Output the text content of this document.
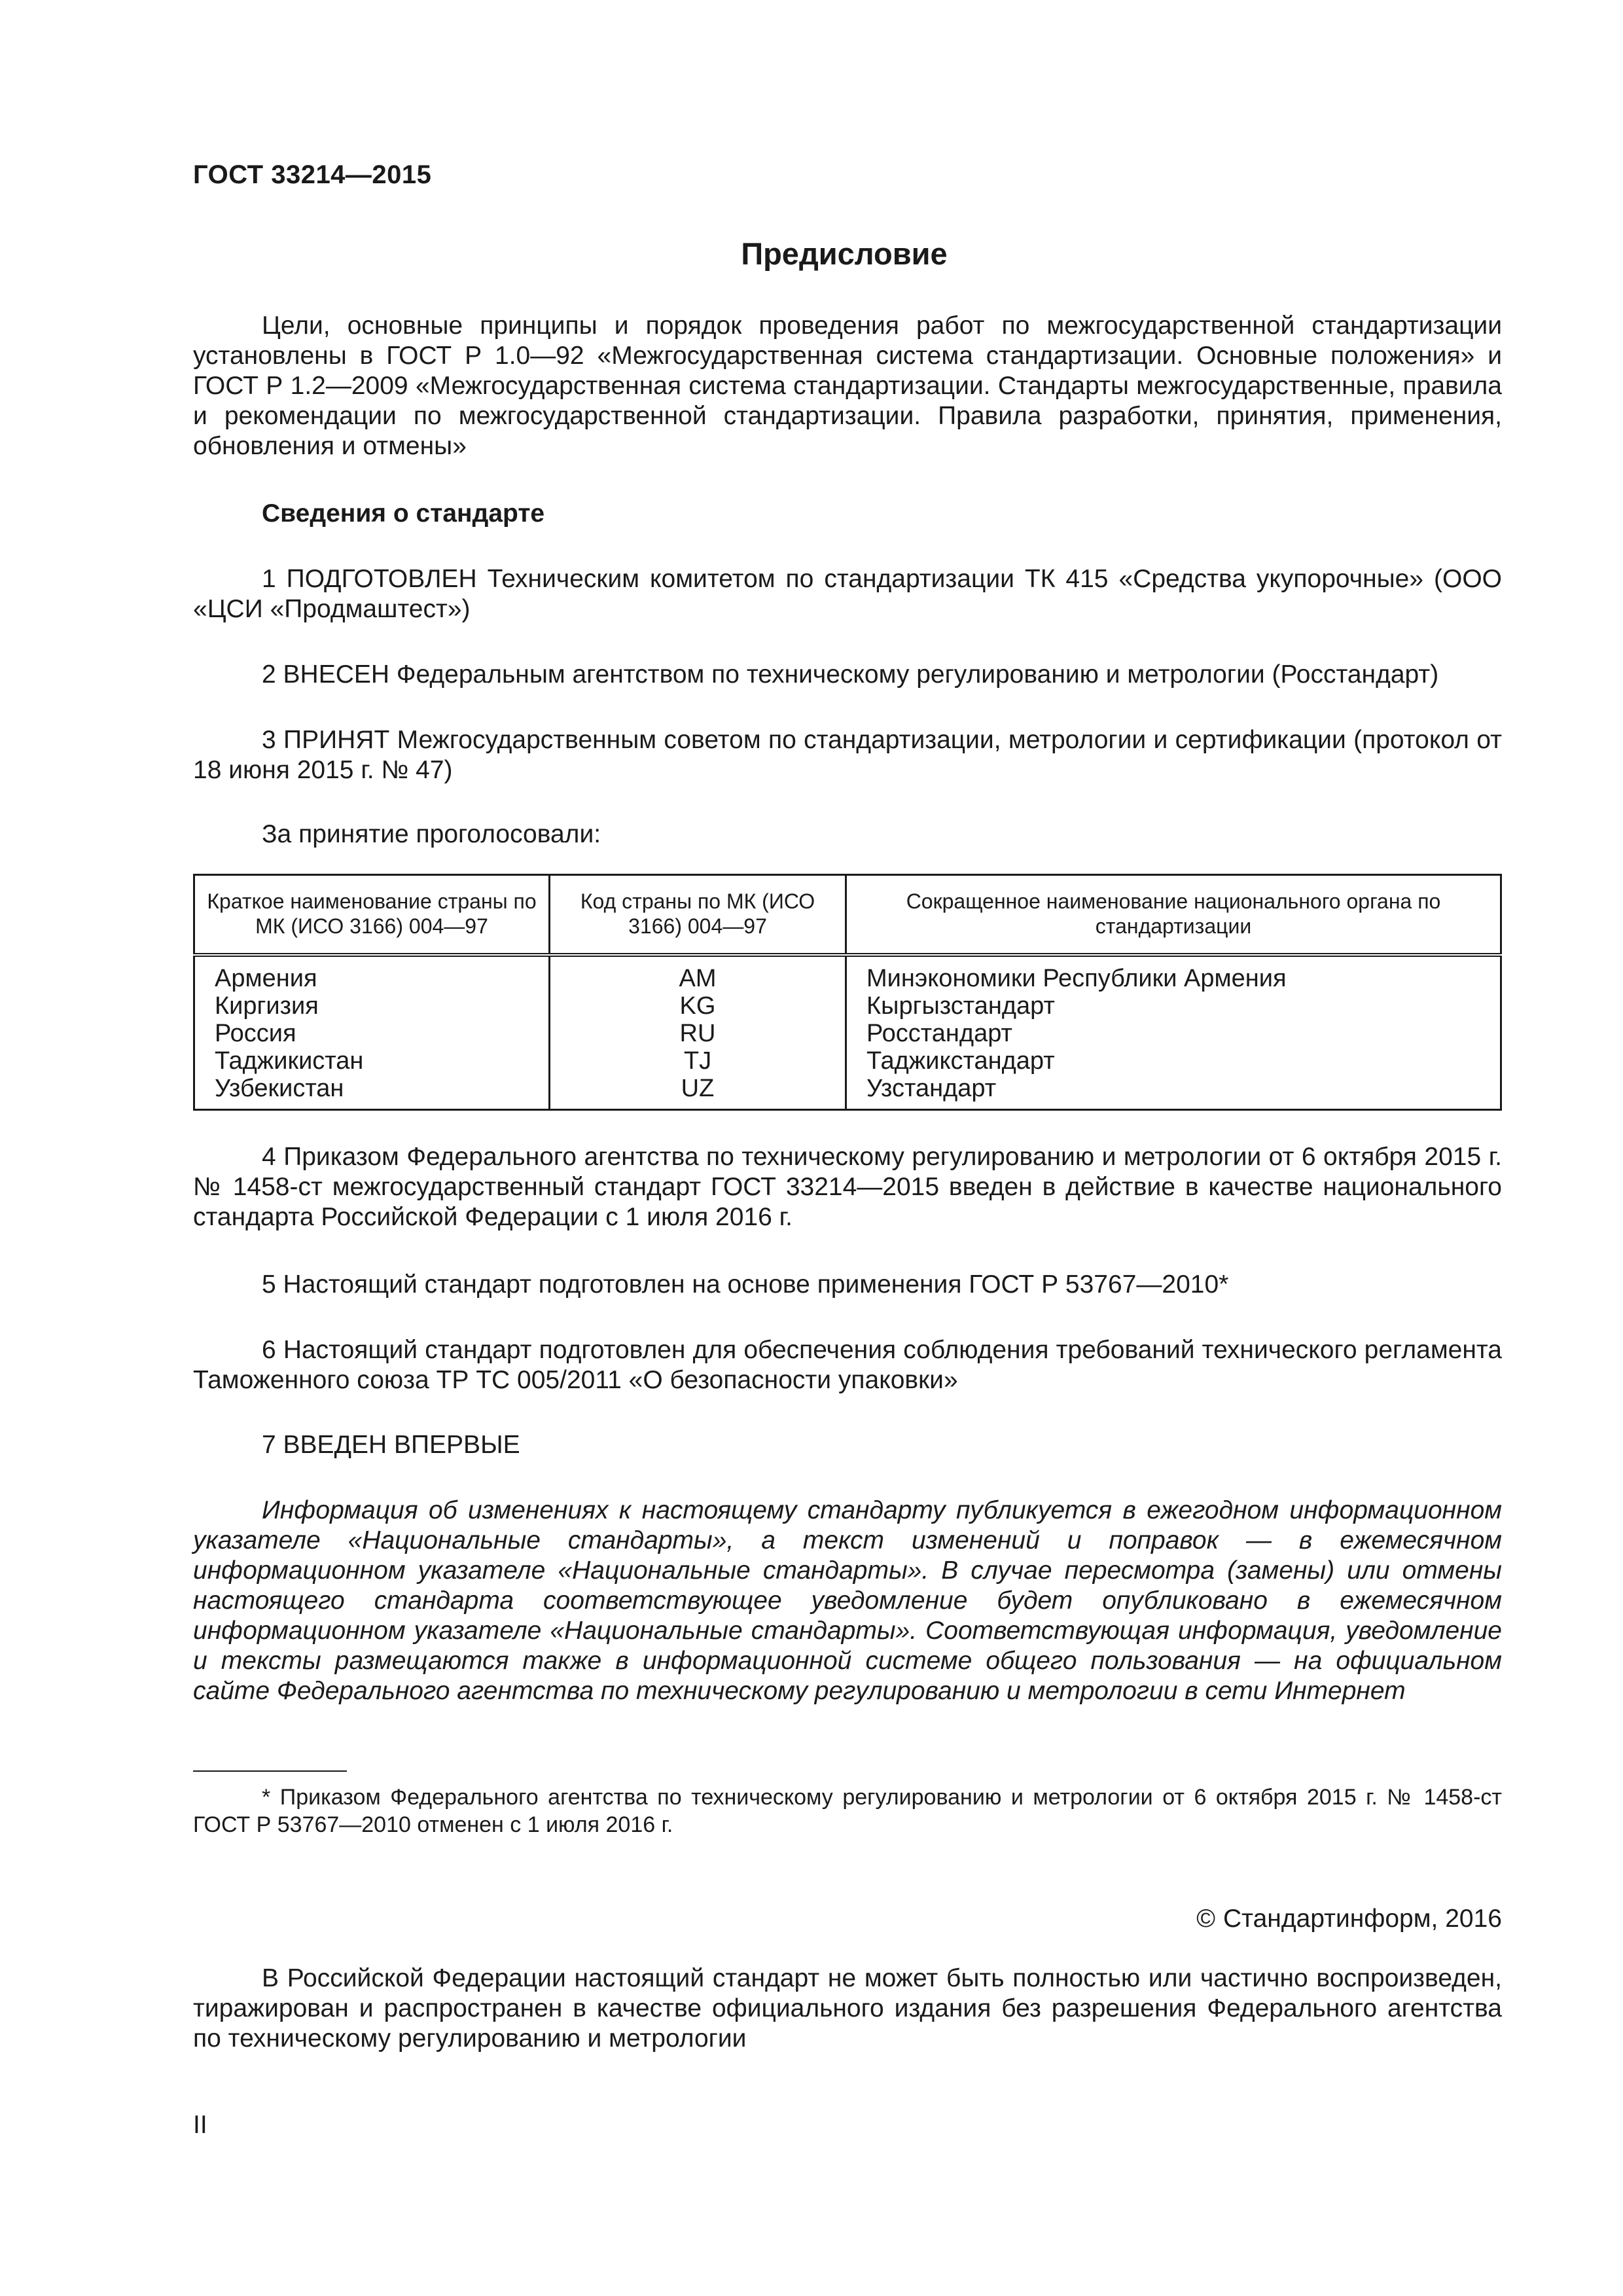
ГОСТ 33214—2015
Предисловие
Цели, основные принципы и порядок проведения работ по межгосударственной стандартизации установлены в ГОСТ Р 1.0—92 «Межгосударственная система стандартизации. Основные положения» и ГОСТ Р 1.2—2009 «Межгосударственная система стандартизации. Стандарты межгосударственные, правила и рекомендации по межгосударственной стандартизации. Правила разработки, принятия, применения, обновления и отмены»
Сведения о стандарте
1 ПОДГОТОВЛЕН Техническим комитетом по стандартизации ТК 415 «Средства укупорочные» (ООО «ЦСИ «Продмаштест»)
2 ВНЕСЕН Федеральным агентством по техническому регулированию и метрологии (Росстандарт)
3 ПРИНЯТ Межгосударственным советом по стандартизации, метрологии и сертификации (протокол от 18 июня 2015 г. № 47)
За принятие проголосовали:
Краткое наименование страны по МК (ИСО 3166) 004—97	Код страны по МК (ИСО 3166) 004—97	Сокращенное наименование национального органа по стандартизации
Армения	AM	Минэкономики Республики Армения
Киргизия	KG	Кыргызстандарт
Россия	RU	Росстандарт
Таджикистан	TJ	Таджикстандарт
Узбекистан	UZ	Узстандарт
4 Приказом Федерального агентства по техническому регулированию и метрологии от 6 октября 2015 г. № 1458-ст межгосударственный стандарт ГОСТ 33214—2015 введен в действие в качестве национального стандарта Российской Федерации с 1 июля 2016 г.
5 Настоящий стандарт подготовлен на основе применения ГОСТ Р 53767—2010*
6 Настоящий стандарт подготовлен для обеспечения соблюдения требований технического регламента Таможенного союза ТР ТС 005/2011 «О безопасности упаковки»
7 ВВЕДЕН ВПЕРВЫЕ
Информация об изменениях к настоящему стандарту публикуется в ежегодном информационном указателе «Национальные стандарты», а текст изменений и поправок — в ежемесячном информационном указателе «Национальные стандарты». В случае пересмотра (замены) или отмены настоящего стандарта соответствующее уведомление будет опубликовано в ежемесячном информационном указателе «Национальные стандарты». Соответствующая информация, уведомление и тексты размещаются также в информационной системе общего пользования — на официальном сайте Федерального агентства по техническому регулированию и метрологии в сети Интернет
* Приказом Федерального агентства по техническому регулированию и метрологии от 6 октября 2015 г. № 1458-ст ГОСТ Р 53767—2010 отменен с 1 июля 2016 г.
© Стандартинформ, 2016
В Российской Федерации настоящий стандарт не может быть полностью или частично воспроизведен, тиражирован и распространен в качестве официального издания без разрешения Федерального агентства по техническому регулированию и метрологии
II
